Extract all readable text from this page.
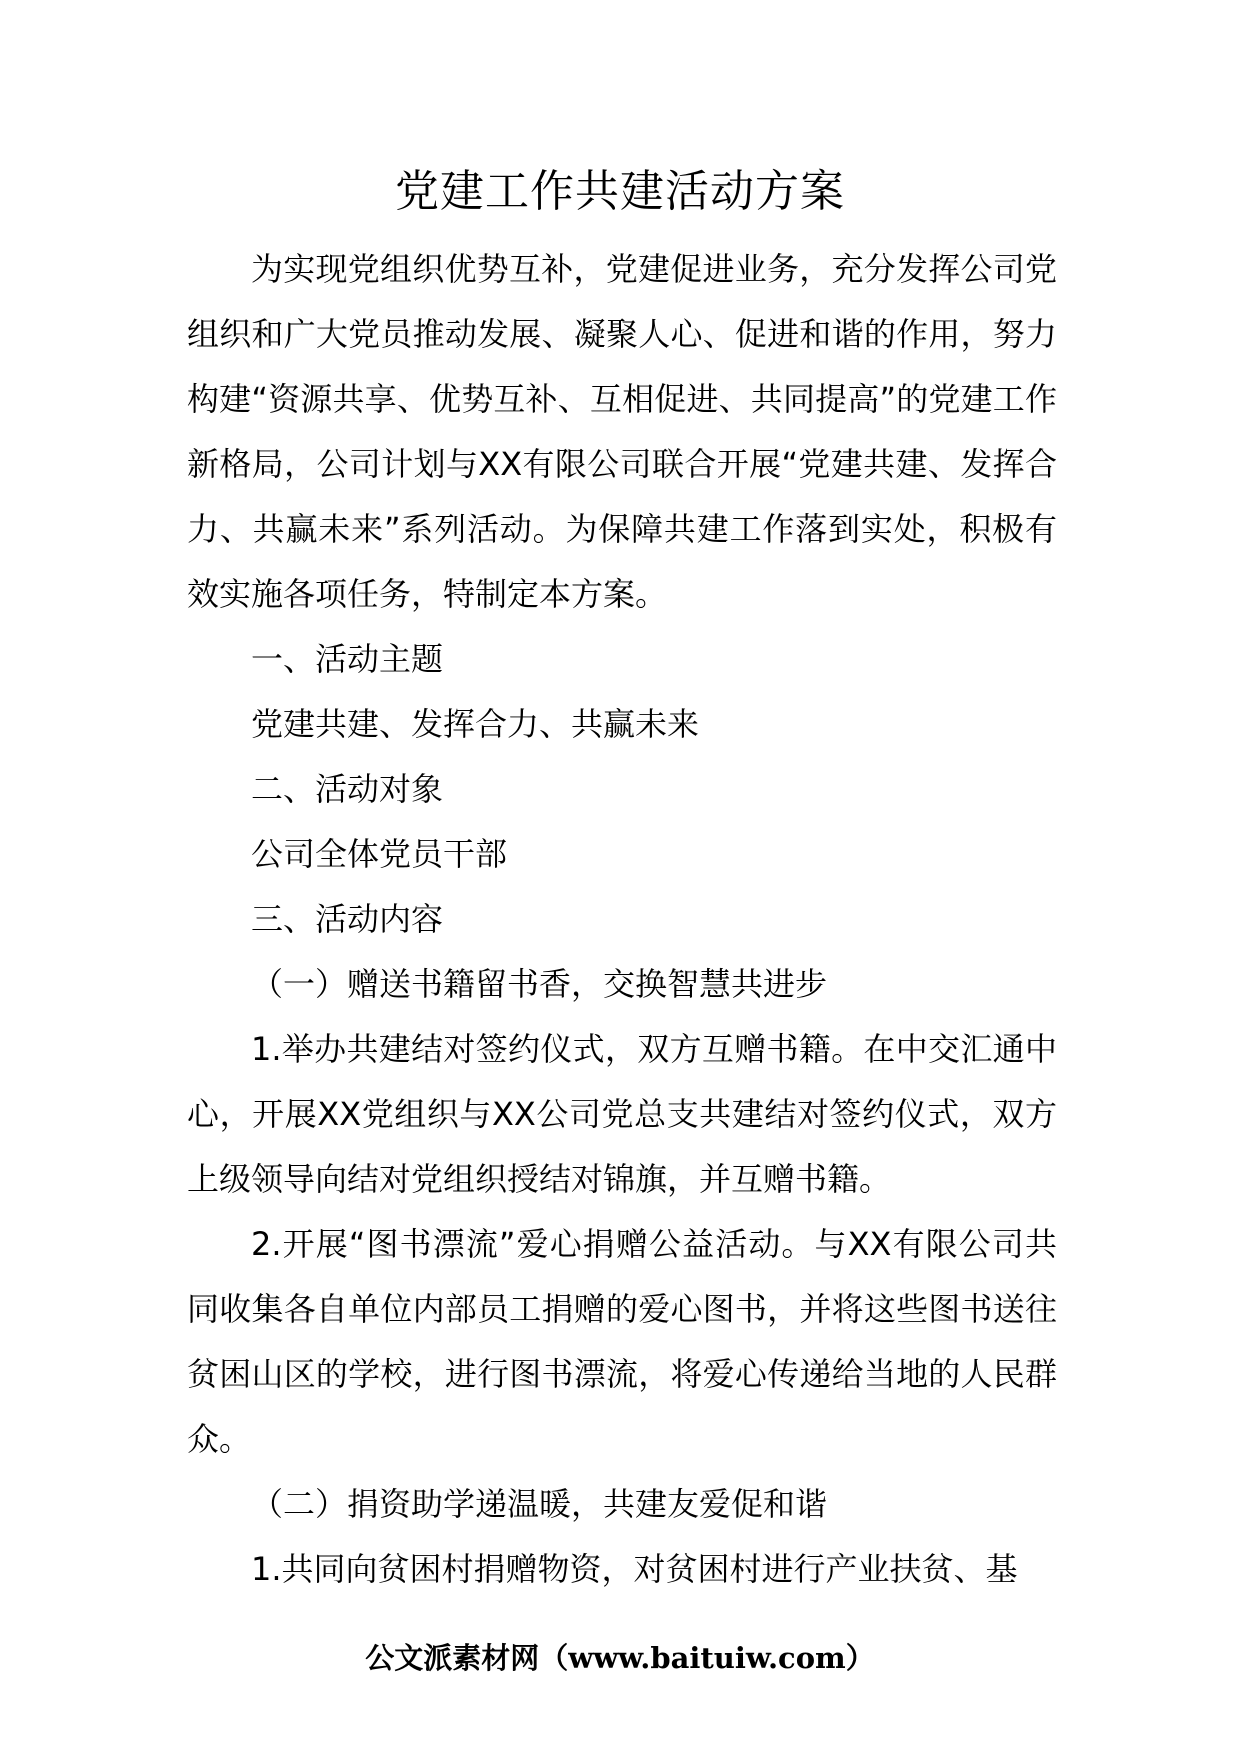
党建工作共建活动方案

为实现党组织优势互补，党建促进业务，充分发挥公司党组织和广大党员推动发展、凝聚人心、促进和谐的作用，努力构建“资源共享、优势互补、互相促进、共同提高”的党建工作新格局，公司计划与XX有限公司联合开展“党建共建、发挥合力、共赢未来”系列活动。为保障共建工作落到实处，积极有效实施各项任务，特制定本方案。

一、活动主题

党建共建、发挥合力、共赢未来

二、活动对象

公司全体党员干部

三、活动内容

（一）赠送书籍留书香，交换智慧共进步

1.举办共建结对签约仪式，双方互赠书籍。在中交汇通中心，开展XX党组织与XX公司党总支共建结对签约仪式，双方上级领导向结对党组织授结对锦旗，并互赠书籍。

2.开展“图书漂流”爱心捐赠公益活动。与XX有限公司共同收集各自单位内部员工捐赠的爱心图书，并将这些图书送往贫困山区的学校，进行图书漂流，将爱心传递给当地的人民群众。

（二）捐资助学递温暖，共建友爱促和谐

1.共同向贫困村捐赠物资，对贫困村进行产业扶贫、基

公文派素材网（www.baituiw.com）
